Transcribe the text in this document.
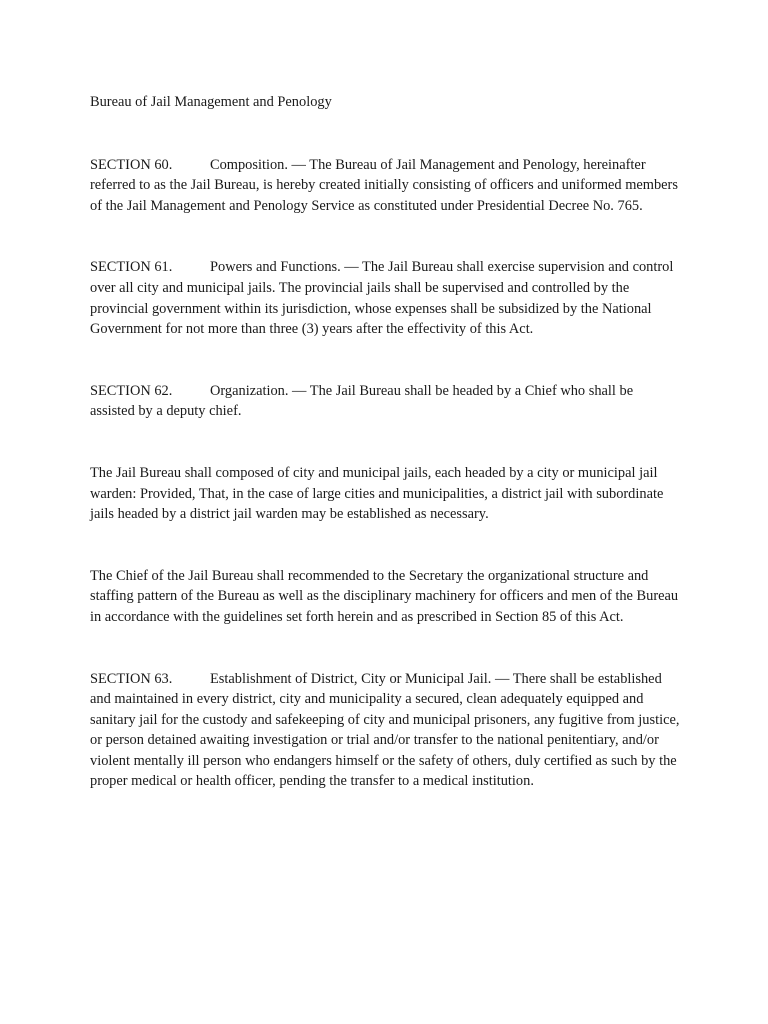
Bureau of Jail Management and Penology
SECTION 60.	Composition. — The Bureau of Jail Management and Penology, hereinafter referred to as the Jail Bureau, is hereby created initially consisting of officers and uniformed members of the Jail Management and Penology Service as constituted under Presidential Decree No. 765.
SECTION 61.	Powers and Functions. — The Jail Bureau shall exercise supervision and control over all city and municipal jails. The provincial jails shall be supervised and controlled by the provincial government within its jurisdiction, whose expenses shall be subsidized by the National Government for not more than three (3) years after the effectivity of this Act.
SECTION 62.	Organization. — The Jail Bureau shall be headed by a Chief who shall be assisted by a deputy chief.
The Jail Bureau shall composed of city and municipal jails, each headed by a city or municipal jail warden: Provided, That, in the case of large cities and municipalities, a district jail with subordinate jails headed by a district jail warden may be established as necessary.
The Chief of the Jail Bureau shall recommended to the Secretary the organizational structure and staffing pattern of the Bureau as well as the disciplinary machinery for officers and men of the Bureau in accordance with the guidelines set forth herein and as prescribed in Section 85 of this Act.
SECTION 63.	Establishment of District, City or Municipal Jail. — There shall be established and maintained in every district, city and municipality a secured, clean adequately equipped and sanitary jail for the custody and safekeeping of city and municipal prisoners, any fugitive from justice, or person detained awaiting investigation or trial and/or transfer to the national penitentiary, and/or violent mentally ill person who endangers himself or the safety of others, duly certified as such by the proper medical or health officer, pending the transfer to a medical institution.
